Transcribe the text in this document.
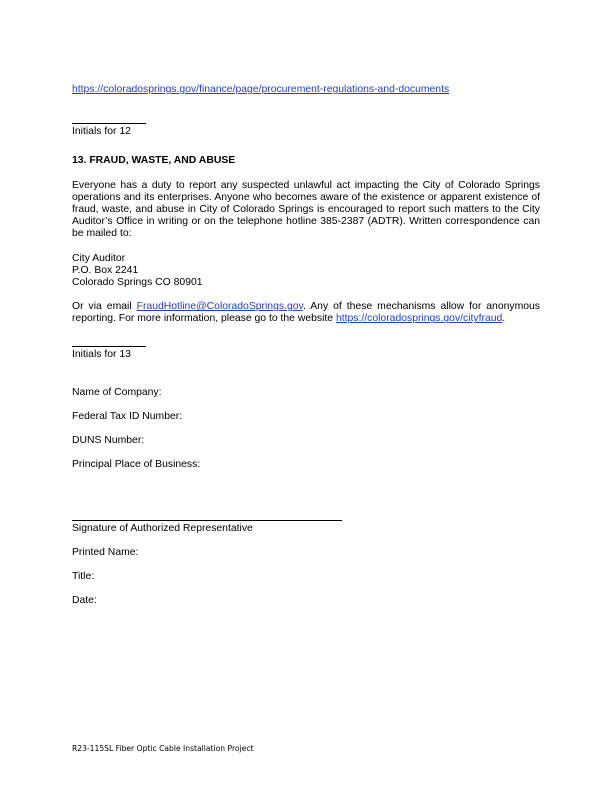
https://coloradosprings.gov/finance/page/procurement-regulations-and-documents

Initials for 12

13. FRAUD, WASTE, AND ABUSE

Everyone has a duty to report any suspected unlawful act impacting the City of Colorado Springs operations and its enterprises. Anyone who becomes aware of the existence or apparent existence of fraud, waste, and abuse in City of Colorado Springs is encouraged to report such matters to the City Auditor’s Office in writing or on the telephone hotline 385-2387 (ADTR). Written correspondence can be mailed to:

City Auditor

P.O. Box 2241

Colorado Springs CO 80901

Or via email FraudHotline@ColoradoSprings.gov. Any of these mechanisms allow for anonymous reporting. For more information, please go to the website https://coloradosprings.gov/cityfraud.

Initials for 13

Name of Company:

Federal Tax ID Number:

DUNS Number:

Principal Place of Business:

Signature of Authorized Representative

Printed Name:

Title:

Date:

R23-115SL Fiber Optic Cable Installation Project
